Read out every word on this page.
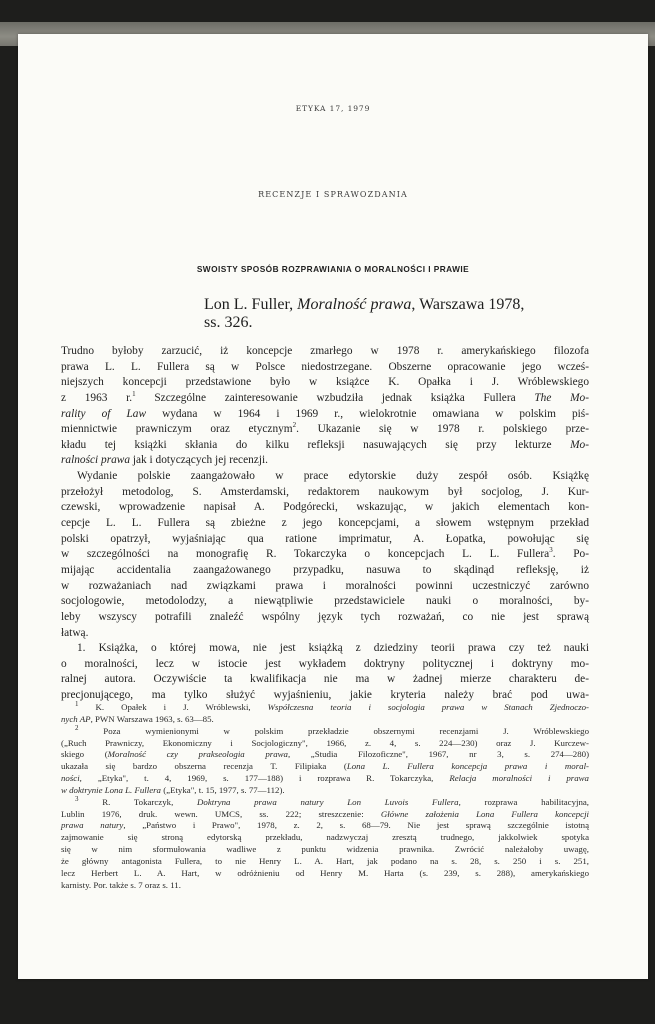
ETYKA 17, 1979
RECENZJE I SPRAWOZDANIA
SWOISTY SPOSÓB ROZPRAWIANIA O MORALNOŚCI I PRAWIE
Lon L. Fuller, Moralność prawa, Warszawa 1978,
ss. 326.
Trudno byłoby zarzucić, iż koncepcje zmarłego w 1978 r. amerykańskiego filozofa
prawa L. L. Fullera są w Polsce niedostrzegane. Obszerne opracowanie jego wcześ-
niejszych koncepcji przedstawione było w książce K. Opałka i J. Wróblewskiego
z 1963 r.$^1$ Szczególne zainteresowanie wzbudziła jednak książka Fullera The Mo-
rality of Law wydana w 1964 i 1969 r., wielokrotnie omawiana w polskim piś-
miennictwie prawniczym oraz etycznym$^2$. Ukazanie się w 1978 r. polskiego prze-
kładu tej książki skłania do kilku refleksji nasuwających się przy lekturze Mo-
ralności prawa jak i dotyczących jej recenzji.
Wydanie polskie zaangażowało w prace edytorskie duży zespół osób. Książkę
przełożył metodolog, S. Amsterdamski, redaktorem naukowym był socjolog, J. Kur-
czewski, wprowadzenie napisał A. Podgórecki, wskazując, w jakich elementach kon-
cepcje L. L. Fullera są zbieżne z jego koncepcjami, a słowem wstępnym przekład
polski opatrzył, wyjaśniając qua ratione imprimatur, A. Łopatka, powołując się
w szczególności na monografię R. Tokarczyka o koncepcjach L. L. Fullera$^3$. Po-
mijając accidentalia zaangażowanego przypadku, nasuwa to skądinąd refleksję, iż
w rozważaniach nad związkami prawa i moralności powinni uczestniczyć zarówno
socjologowie, metodolodzy, a niewątpliwie przedstawiciele nauki o moralności, by-
leby wszyscy potrafili znaleźć wspólny język tych rozważań, co nie jest sprawą
łatwą.
1. Książka, o której mowa, nie jest książką z dziedziny teorii prawa czy też nauki
o moralności, lecz w istocie jest wykładem doktryny politycznej i doktryny mo-
ralnej autora. Oczywiście ta kwalifikacja nie ma w żadnej mierze charakteru de-
precjonującego, ma tylko służyć wyjaśnieniu, jakie kryteria należy brać pod uwa-
$^1$ K. Opałek i J. Wróblewski, Współczesna teoria i socjologia prawa w Stanach Zjednoczo-
nych AP, PWN Warszawa 1963, s. 63—85.
$^2$ Poza wymienionymi w polskim przekładzie obszernymi recenzjami J. Wróblewskiego
(„Ruch Prawniczy, Ekonomiczny i Socjologiczny", 1966, z. 4, s. 224—230) oraz J. Kurczew-
skiego (Moralność czy prakseologia prawa, „Studia Filozoficzne", 1967, nr 3, s. 274—280)
ukazała się bardzo obszerna recenzja T. Filipiaka (Lona L. Fullera koncepcja prawa i moral-
ności, „Etyka", t. 4, 1969, s. 177—188) i rozprawa R. Tokarczyka, Relacja moralności i prawa
w doktrynie Lona L. Fullera („Etyka", t. 15, 1977, s. 77—112).
$^3$ R. Tokarczyk, Doktryna prawa natury Lon Luvois Fullera, rozprawa habilitacyjna,
Lublin 1976, druk. wewn. UMCS, ss. 222; streszczenie: Główne założenia Lona Fullera koncepcji
prawa natury, „Państwo i Prawo", 1978, z. 2, s. 68—79. Nie jest sprawą szczególnie istotną
zajmowanie się stroną edytorską przekładu, nadzwyczaj zresztą trudnego, jakkolwiek spotyka
się w nim sformułowania wadliwe z punktu widzenia prawnika. Zwrócić należałoby uwagę,
że główny antagonista Fullera, to nie Henry L. A. Hart, jak podano na s. 28, s. 250 i s. 251,
lecz Herbert L. A. Hart, w odróżnieniu od Henry M. Harta (s. 239, s. 288), amerykańskiego
karnisty. Por. także s. 7 oraz s. 11.
